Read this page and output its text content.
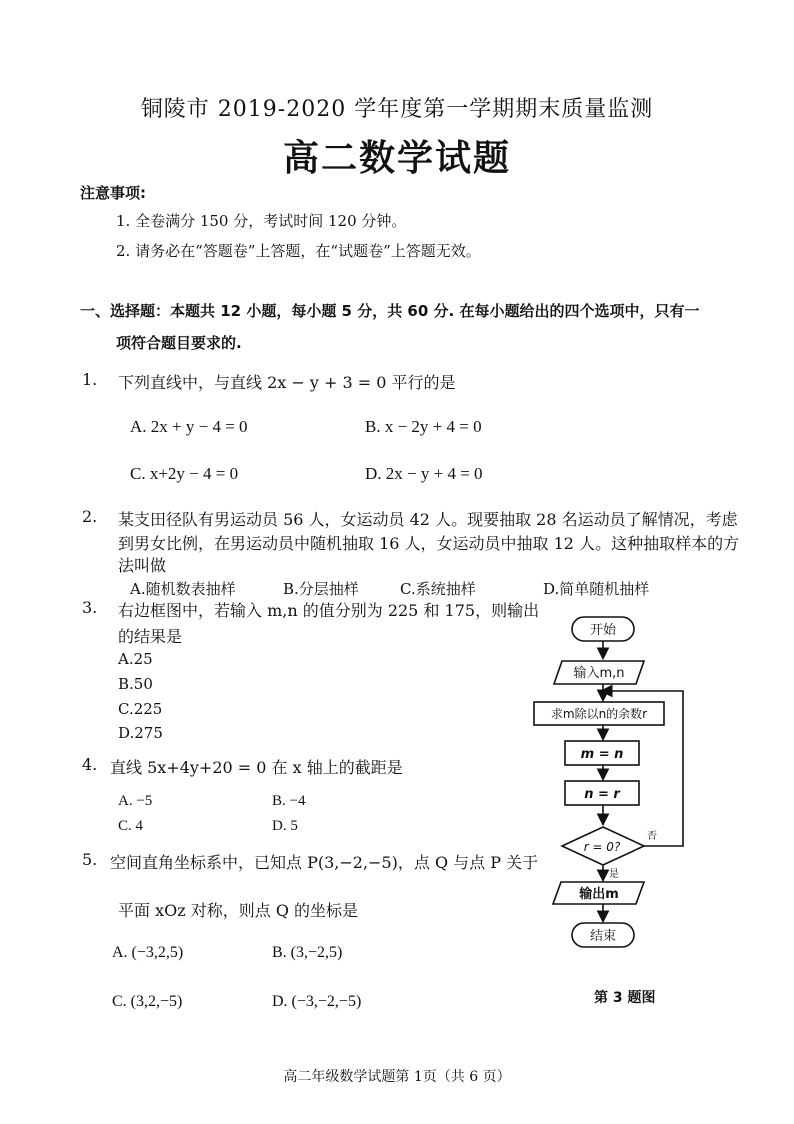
铜陵市 2019-2020 学年度第一学期期末质量监测
高二数学试题
注意事项:
1. 全卷满分 150 分，考试时间 120 分钟。
2. 请务必在“答题卷”上答题，在“试题卷”上答题无效。
一、选择题：本题共 12 小题，每小题 5 分，共 60 分. 在每小题给出的四个选项中，只有一
项符合题目要求的.
1. 下列直线中，与直线 2x − y + 3 = 0 平行的是
A. 2x + y − 4 = 0	B. x − 2y + 4 = 0
C. x+2y − 4 = 0	D. 2x − y + 4 = 0
2. 某支田径队有男运动员 56 人，女运动员 42 人。现要抽取 28 名运动员了解情况，考虑
到男女比例，在男运动员中随机抽取 16 人，女运动员中抽取 12 人。这种抽取样本的方
法叫做
A.随机数表抽样	B.分层抽样	C.系统抽样	D.简单随机抽样
3. 右边框图中，若输入 m,n 的值分别为 225 和 175，则输出
的结果是
A.25
B.50
C.225
D.275
4. 直线 5x+4y+20 = 0 在 x 轴上的截距是
A. −5	B. −4
C. 4	D. 5
5. 空间直角坐标系中，已知点 P(3,−2,−5)，点 Q 与点 P 关于
平面 xOz 对称，则点 Q 的坐标是
A. (−3,2,5)	B. (3,−2,5)
C. (3,2,−5)	D. (−3,−2,−5)
开始
输入m,n
求m除以n的余数r
m = n
n = r
r = 0?
否
是
输出m
结束
第 3 题图
高二年级数学试题第 1页（共 6 页）
